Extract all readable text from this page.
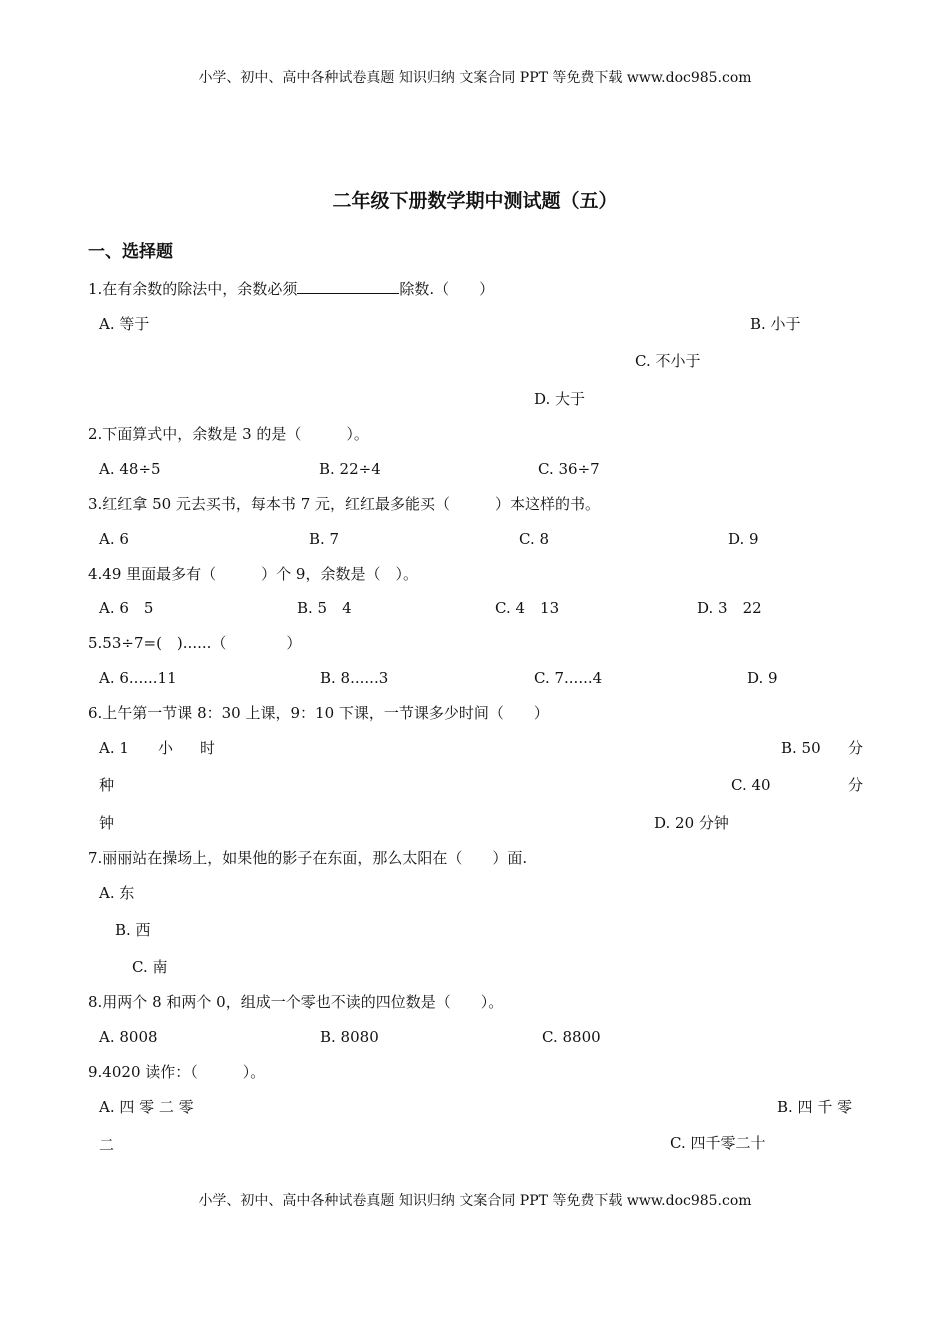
小学、初中、高中各种试卷真题 知识归纳 文案合同 PPT 等免费下载 www.doc985.com
二年级下册数学期中测试题（五）
一、选择题
1.在有余数的除法中，余数必须	除数.（　　）
A. 等于	B. 小于
C. 不小于
D. 大于
2.下面算式中，余数是 3 的是（　　　）。
A. 48÷5	B. 22÷4	C. 36÷7
3.红红拿 50 元去买书，每本书 7 元，红红最多能买（　　　）本这样的书。
A. 6	B. 7	C. 8	D. 9
4.49 里面最多有（　　　）个 9，余数是（　）。
A. 6　5	B. 5　4	C. 4　13	D. 3　22
5.53÷7=(　)......（　　　　）
A. 6......11	B. 8......3	C. 7......4	D. 9
6.上午第一节课 8：30 上课，9：10 下课，一节课多少时间（　　）
A. 1 小 时	B. 50 分
种	C. 40	分
钟	D. 20 分钟
7.丽丽站在操场上，如果他的影子在东面，那么太阳在（　　）面.
A. 东
B. 西
C. 南
8.用两个 8 和两个 0，组成一个零也不读的四位数是（　　）。
A. 8008	B. 8080	C. 8800
9.4020 读作：（　　　）。
A. 四 零 二 零	B. 四 千 零
二	C. 四千零二十
小学、初中、高中各种试卷真题 知识归纳 文案合同 PPT 等免费下载 www.doc985.com
